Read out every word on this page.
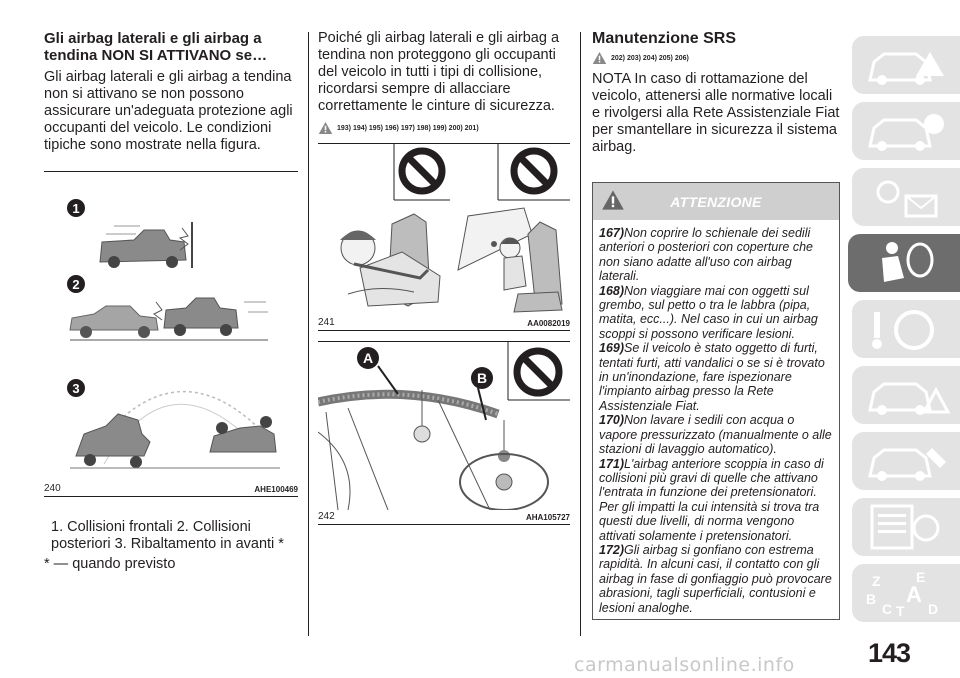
Gli airbag laterali e gli airbag a tendina NON SI ATTIVANO se…
Gli airbag laterali e gli airbag a tendina non si attivano se non possono assicurare un'adeguata protezione agli occupanti del veicolo. Le condizioni tipiche sono mostrate nella figura.
1
2
3
240	AHE100469
1. Collisioni frontali 2. Collisioni posteriori 3. Ribaltamento in avanti *
* — quando previsto
Poiché gli airbag laterali e gli airbag a tendina non proteggono gli occupanti del veicolo in tutti i tipi di collisione, ricordarsi sempre di allacciare correttamente le cinture di sicurezza.
193) 194) 195) 196) 197) 198) 199) 200) 201)
241	AA0082019
A
B
242	AHA105727
Manutenzione SRS
202) 203) 204) 205) 206)
NOTA In caso di rottamazione del veicolo, attenersi alle normative locali e rivolgersi alla Rete Assistenziale Fiat per smantellare in sicurezza il sistema airbag.
ATTENZIONE
167)Non coprire lo schienale dei sedili anteriori o posteriori con coperture che non siano adatte all'uso con airbag laterali.
168)Non viaggiare mai con oggetti sul grembo, sul petto o tra le labbra (pipa, matita, ecc...). Nel caso in cui un airbag scoppi si possono verificare lesioni.
169)Se il veicolo è stato oggetto di furti, tentati furti, atti vandalici o se si è trovato in un'inondazione, fare ispezionare l'impianto airbag presso la Rete Assistenziale Fiat.
170)Non lavare i sedili con acqua o vapore pressurizzato (manualmente o alle stazioni di lavaggio automatico).
171)L'airbag anteriore scoppia in caso di collisioni più gravi di quelle che attivano l'entrata in funzione dei pretensionatori. Per gli impatti la cui intensità si trova tra questi due livelli, di norma vengono attivati solamente i pretensionatori.
172)Gli airbag si gonfiano con estrema rapidità. In alcuni casi, il contatto con gli airbag in fase di gonfiaggio può provocare abrasioni, tagli superficiali, contusioni e lesioni analoghe.
Z	E
B A
C T D
143
carmanualsonline.info
